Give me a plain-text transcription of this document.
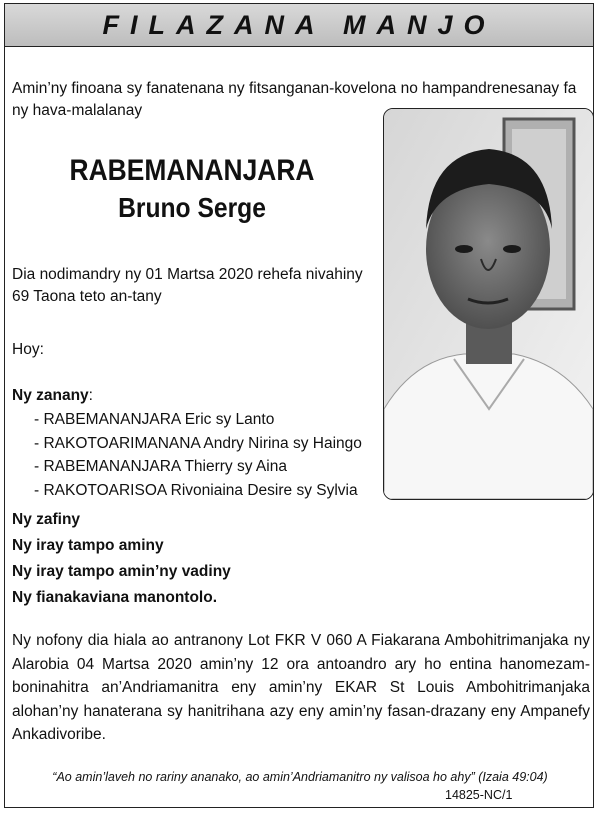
FILAZANA MANJO
Amin’ny finoana sy fanatenana ny fitsanganan-kovelona no hampandrenesanay fa ny hava-malalanay
RABEMANANJARA
Bruno Serge
Dia nodimandry ny 01 Martsa 2020 rehefa nivahiny
69 Taona teto an-tany
Hoy:
Ny zanany:
- RABEMANANJARA Eric sy Lanto
- RAKOTOARIMANANA Andry Nirina sy Haingo
- RABEMANANJARA Thierry sy Aina
- RAKOTOARISOA Rivoniaina Desire sy Sylvia
Ny zafiny
Ny iray tampo aminy
Ny iray tampo amin’ny vadiny
Ny fianakaviana manontolo.
Ny nofony dia hiala ao antranony Lot FKR V 060 A Fiakarana Ambohitrimanjaka ny Alarobia 04 Martsa 2020 amin’ny 12 ora antoandro ary ho entina hanomezam-boninahitra an’Andriamanitra eny amin’ny EKAR St Louis Ambohitrimanjaka alohan’ny hanaterana sy hanitrihana azy eny amin’ny fasan-drazany eny Ampanefy Ankadivoribe.
“Ao amin’laveh no rariny ananako, ao amin’Andriamanitro ny valisoa ho ahy” (Izaia 49:04)
14825-NC/1
